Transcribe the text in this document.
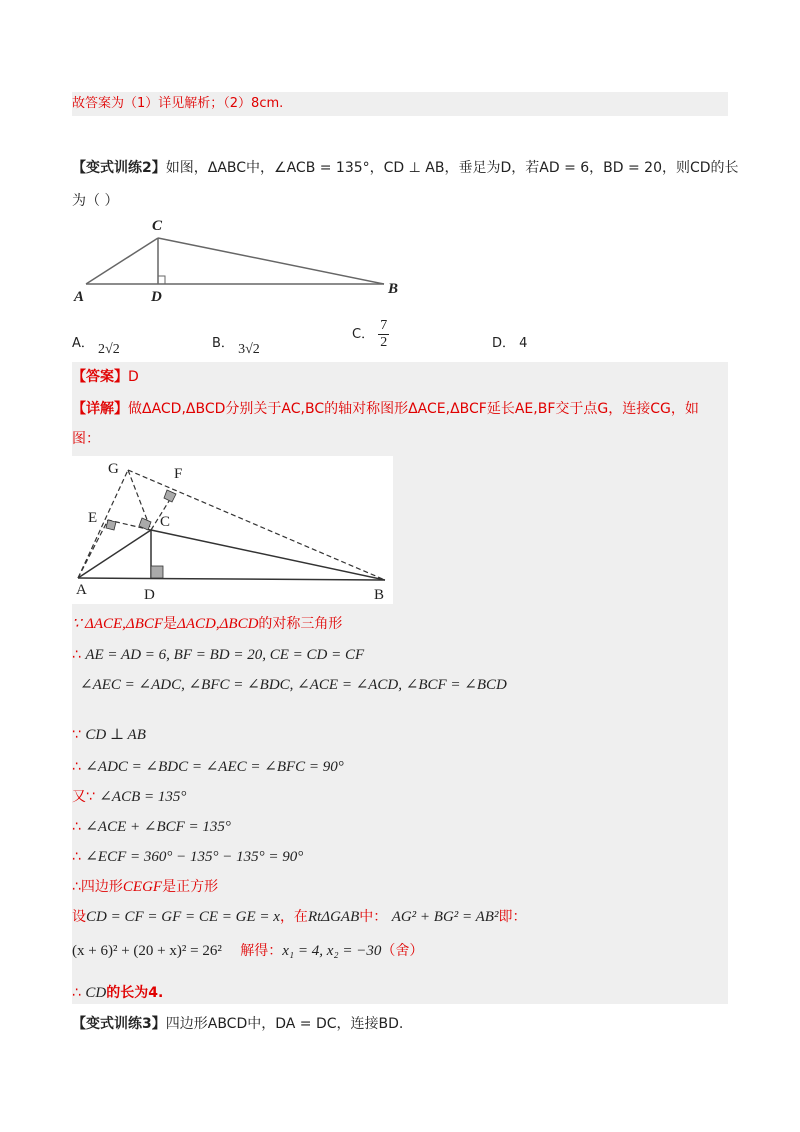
故答案为（1）详见解析；（2）8cm.
【变式训练2】如图，ΔABC中，∠ACB = 135°，CD ⊥ AB，垂足为D，若AD = 6，BD = 20，则CD的长
为（ ）
C
A	D	B
A． 2√2	B． 3√2
C． $\frac{7}{2}$	D． 4
【答案】D
【详解】做ΔACD,ΔBCD分别关于AC,BC的轴对称图形ΔACE,ΔBCF延长AE,BF交于点G，连接CG，如
图：
G	F
E	C
A	D	B
∵ ΔACE,ΔBCF是ΔACD,ΔBCD的对称三角形
∴ AE = AD = 6, BF = BD = 20, CE = CD = CF
∠AEC = ∠ADC, ∠BFC = ∠BDC, ∠ACE = ∠ACD, ∠BCF = ∠BCD
∵ CD ⊥ AB
∴ ∠ADC = ∠BDC = ∠AEC = ∠BFC = 90°
又∵ ∠ACB = 135°
∴ ∠ACE + ∠BCF = 135°
∴ ∠ECF = 360° − 135° − 135° = 90°
∴四边形CEGF是正方形
设CD = CF = GF = CE = GE = x，在RtΔGAB中： AG² + BG² = AB²即：
(x + 6)² + (20 + x)² = 26² 解得：x₁ = 4, x₂ = −30（舍）
∴ CD的长为4.
【变式训练3】四边形ABCD中，DA = DC，连接BD.
